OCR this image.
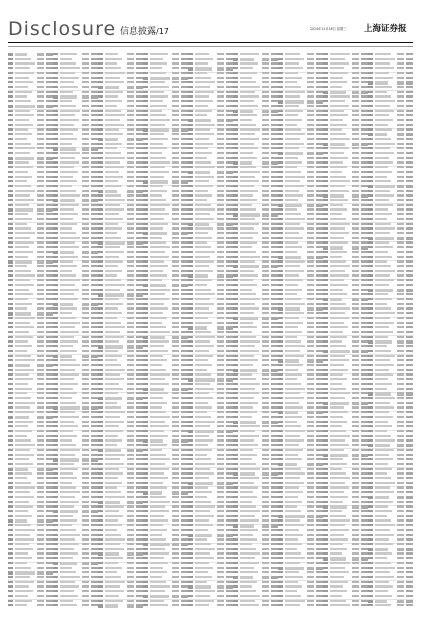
Disclosure 信息披露/17	2024年12月26日 星期三 上海证券报
